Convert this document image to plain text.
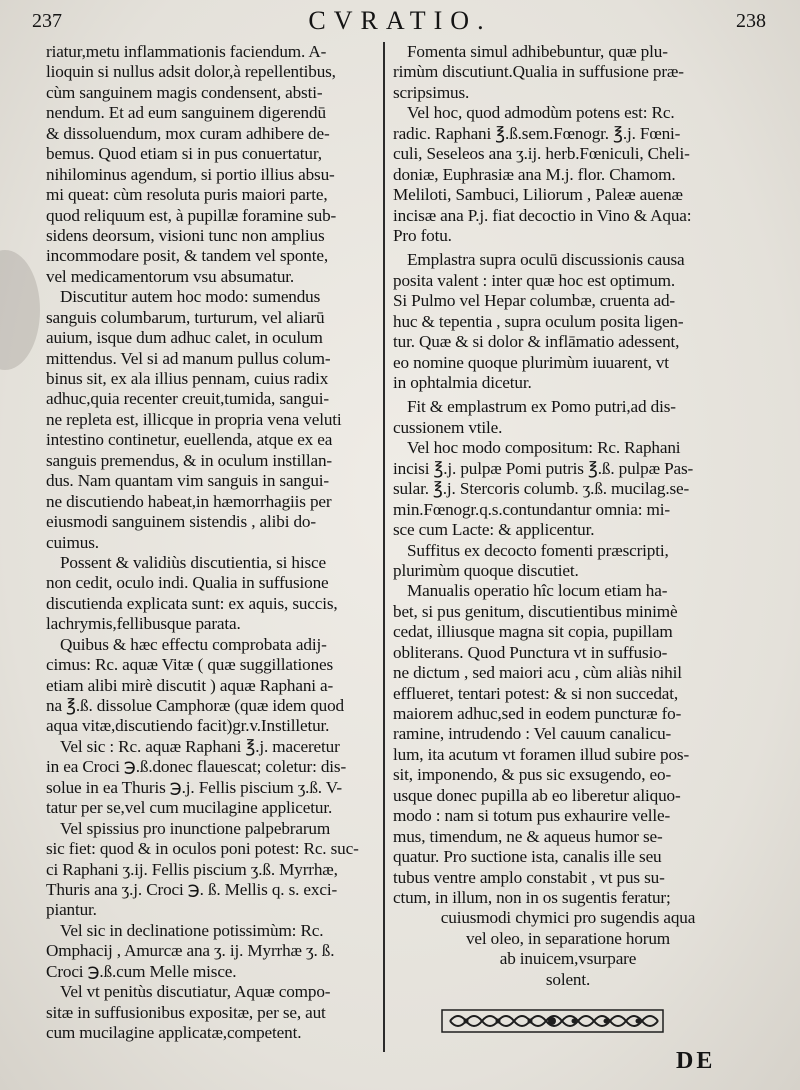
237	CVRATIO.	238
riatur,metu inflammationis faciendum. A-
lioquin si nullus adsit dolor,à repellentibus,
cùm sanguinem magis condensent, absti-
nendum. Et ad eum sanguinem digerendū
& dissoluendum, mox curam adhibere de-
bemus. Quod etiam si in pus conuertatur,
nihilominus agendum, si portio illius absu-
mi queat: cùm resoluta puris maiori parte,
quod reliquum est, à pupillæ foramine sub-
sidens deorsum, visioni tunc non amplius
incommodare posit, & tandem vel sponte,
vel medicamentorum vsu absumatur.
Discutitur autem hoc modo: sumendus
sanguis columbarum, turturum, vel aliarū
auium, isque dum adhuc calet, in oculum
mittendus. Vel si ad manum pullus colum-
binus sit, ex ala illius pennam, cuius radix
adhuc,quia recenter creuit,tumida, sangui-
ne repleta est, illicque in propria vena veluti
intestino continetur, euellenda, atque ex ea
sanguis premendus, & in oculum instillan-
dus. Nam quantam vim sanguis in sangui-
ne discutiendo habeat,in hæmorrhagiis per
eiusmodi sanguinem sistendis , alibi do-
cuimus.
Possent & validiùs discutientia, si hisce
non cedit, oculo indi. Qualia in suffusione
discutienda explicata sunt: ex aquis, succis,
lachrymis,fellibusque parata.
Quibus & hæc effectu comprobata adij-
cimus: Rc. aquæ Vitæ ( quæ suggillationes
etiam alibi mirè discutit ) aquæ Raphani a-
na ℥.ß. dissolue Camphoræ (quæ idem quod
aqua vitæ,discutiendo facit)gr.v.Instilletur.
Vel sic : Rc. aquæ Raphani ℥.j. maceretur
in ea Croci ℈.ß.donec flauescat; coletur: dis-
solue in ea Thuris ℈.j. Fellis piscium ʒ.ß. V-
tatur per se,vel cum mucilagine applicetur.
Vel spissius pro inunctione palpebrarum
sic fiet: quod & in oculos poni potest: Rc. suc-
ci Raphani ʒ.ij. Fellis piscium ʒ.ß. Myrrhæ,
Thuris ana ʒ.j. Croci ℈. ß. Mellis q. s. exci-
piantur.
Vel sic in declinatione potissimùm: Rc.
Omphacij , Amurcæ ana ʒ. ij. Myrrhæ ʒ. ß.
Croci ℈.ß.cum Melle misce.
Vel vt penitùs discutiatur, Aquæ compo-
sitæ in suffusionibus expositæ, per se, aut
cum mucilagine applicatæ,competent.
Fomenta simul adhibebuntur, quæ plu-
rimùm discutiunt.Qualia in suffusione præ-
scripsimus.
Vel hoc, quod admodùm potens est: Rc.
radic. Raphani ℥.ß.sem.Fœnogr. ℥.j. Fœni-
culi, Seseleos ana ʒ.ij. herb.Fœniculi, Cheli-
doniæ, Euphrasiæ ana M.j. flor. Chamom.
Meliloti, Sambuci, Liliorum , Paleæ auenæ
incisæ ana P.j. fiat decoctio in Vino & Aqua:
Pro fotu.
Emplastra supra oculū discussionis causa
posita valent : inter quæ hoc est optimum.
Si Pulmo vel Hepar columbæ, cruenta ad-
huc & tepentia , supra oculum posita ligen-
tur. Quæ & si dolor & inflāmatio adessent,
eo nomine quoque plurimùm iuuarent, vt
in ophtalmia dicetur.
Fit & emplastrum ex Pomo putri,ad dis-
cussionem vtile.
Vel hoc modo compositum: Rc. Raphani
incisi ℥.j. pulpæ Pomi putris ℥.ß. pulpæ Pas-
sular. ℥.j. Stercoris columb. ʒ.ß. mucilag.se-
min.Fœnogr.q.s.contundantur omnia: mi-
sce cum Lacte: & applicentur.
Suffitus ex decocto fomenti præscripti,
plurimùm quoque discutiet.
Manualis operatio hîc locum etiam ha-
bet, si pus genitum, discutientibus minimè
cedat, illiusque magna sit copia, pupillam
obliterans. Quod Punctura vt in suffusio-
ne dictum , sed maiori acu , cùm aliàs nihil
efflueret, tentari potest: & si non succedat,
maiorem adhuc,sed in eodem puncturæ fo-
ramine, intrudendo : Vel cauum canalicu-
lum, ita acutum vt foramen illud subire pos-
sit, imponendo, & pus sic exsugendo, eo-
usque donec pupilla ab eo liberetur aliquo-
modo : nam si totum pus exhaurire velle-
mus, timendum, ne & aqueus humor se-
quatur. Pro suctione ista, canalis ille seu
tubus ventre amplo constabit , vt pus su-
ctum, in illum, non in os sugentis feratur;
cuiusmodi chymici pro sugendis aqua
vel oleo, in separatione horum
ab inuicem,vsurpare
solent.
DE
